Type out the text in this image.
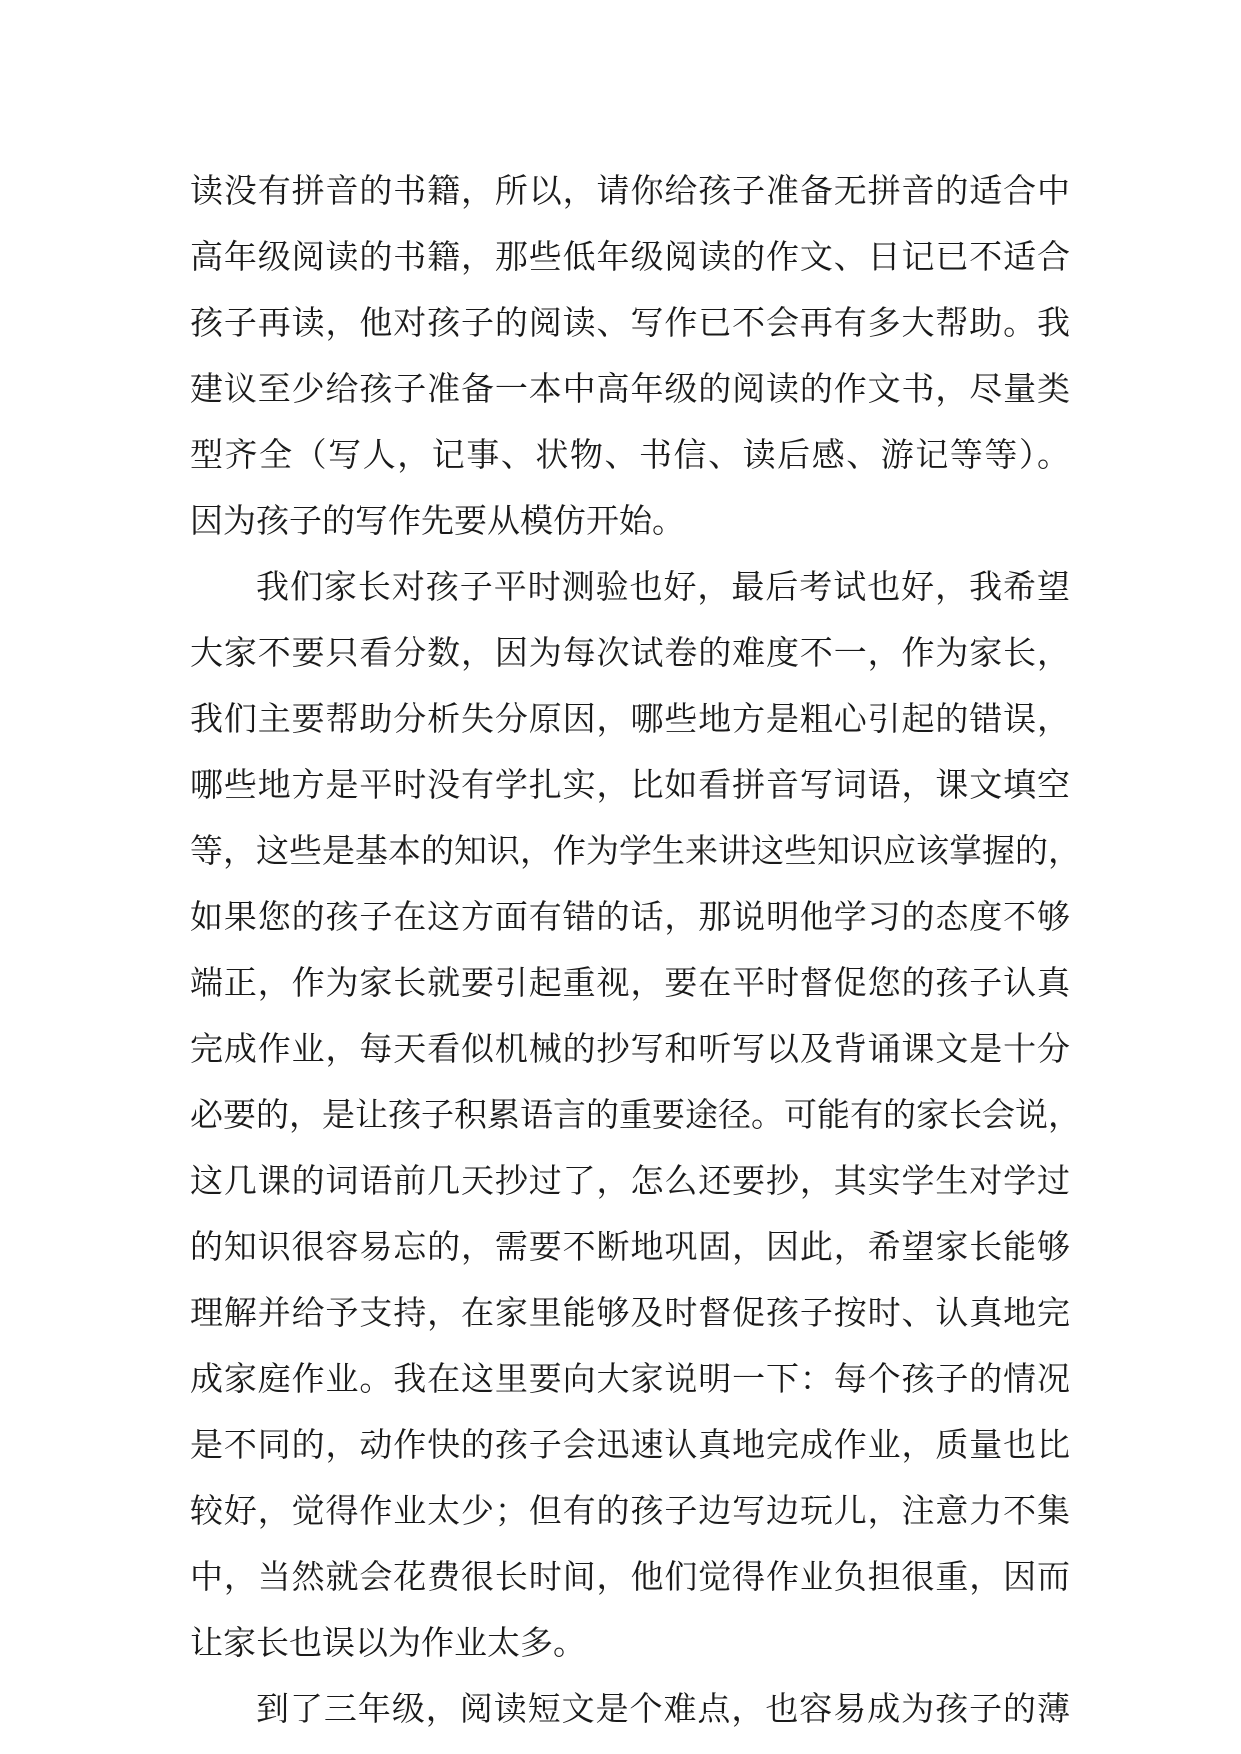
读没有拼音的书籍，所以，请你给孩子准备无拼音的适合中
高年级阅读的书籍，那些低年级阅读的作文、日记已不适合
孩子再读，他对孩子的阅读、写作已不会再有多大帮助。我
建议至少给孩子准备一本中高年级的阅读的作文书，尽量类
型齐全（写人，记事、状物、书信、读后感、游记等等）。
因为孩子的写作先要从模仿开始。
我们家长对孩子平时测验也好，最后考试也好，我希望
大家不要只看分数，因为每次试卷的难度不一，作为家长，
我们主要帮助分析失分原因，哪些地方是粗心引起的错误，
哪些地方是平时没有学扎实，比如看拼音写词语，课文填空
等，这些是基本的知识，作为学生来讲这些知识应该掌握的，
如果您的孩子在这方面有错的话，那说明他学习的态度不够
端正，作为家长就要引起重视，要在平时督促您的孩子认真
完成作业，每天看似机械的抄写和听写以及背诵课文是十分
必要的，是让孩子积累语言的重要途径。可能有的家长会说，
这几课的词语前几天抄过了，怎么还要抄，其实学生对学过
的知识很容易忘的，需要不断地巩固，因此，希望家长能够
理解并给予支持，在家里能够及时督促孩子按时、认真地完
成家庭作业。我在这里要向大家说明一下：每个孩子的情况
是不同的，动作快的孩子会迅速认真地完成作业，质量也比
较好，觉得作业太少；但有的孩子边写边玩儿，注意力不集
中，当然就会花费很长时间，他们觉得作业负担很重，因而
让家长也误以为作业太多。
到了三年级，阅读短文是个难点，也容易成为孩子的薄
